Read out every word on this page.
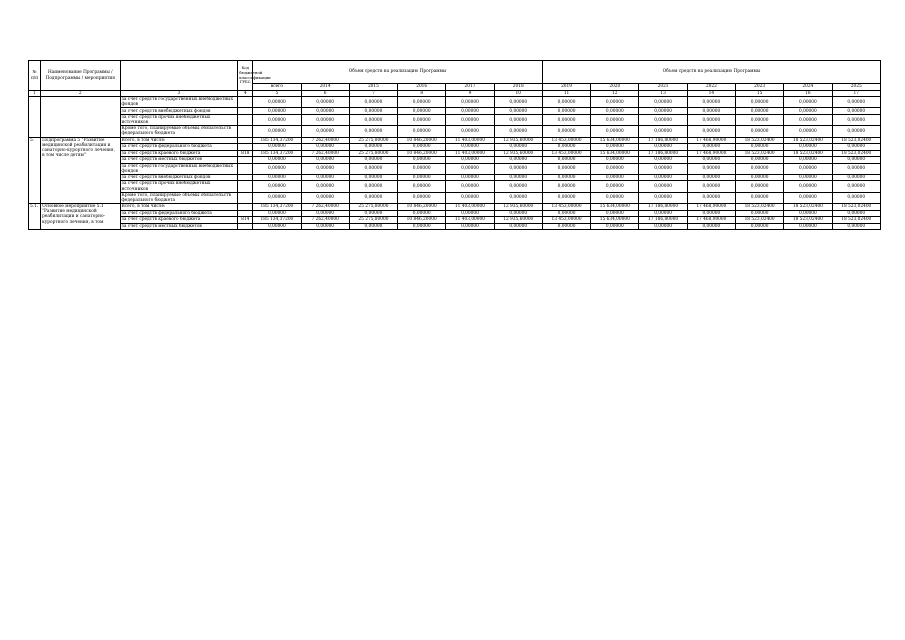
№ п/п	Наименование Программы / Подпрограммы / мероприятия		Код бюджетной классификации ГРБС	Объем средств на реализацию Программы						Объем средств на реализацию Программы						
				всего	2014	2015	2016	2017	2018	2019	2020	2021	2022	2023	2024	2025
1	2	3	4	5	6	7	8	9	10	11	12	13	14	15	16	17
		за счет средств государственных внебюджетных фондов		0,00000	0,00000	0,00000	0,00000	0,00000	0,00000	0,00000	0,00000	0,00000	0,00000	0,00000	0,00000	0,00000
		за счет средств внебюджетных фондов		0,00000	0,00000	0,00000	0,00000	0,00000	0,00000	0,00000	0,00000	0,00000	0,00000	0,00000	0,00000	0,00000
		за счет средств прочих внебюджетных источников		0,00000	0,00000	0,00000	0,00000	0,00000	0,00000	0,00000	0,00000	0,00000	0,00000	0,00000	0,00000	0,00000
		Кроме того, планируемые объемы обязательств федерального бюджета		0,00000	0,00000	0,00000	0,00000	0,00000	0,00000	0,00000	0,00000	0,00000	0,00000	0,00000	0,00000	0,00000
5.	Подпрограмма 5 "Развитие медицинской реабилитации и санаторно-курортного лечения, в том числе детям"	Всего, в том числе:		185 134,37200	7 262,40000	25 275,80000	10 846,20000	11 403,00000	12 935,60000	13 453,00000	15 634,00000	17 186,80000	17 468,90000	18 523,02400	18 523,02400	18 523,02400
		за счет средств федерального бюджета		0,00000	0,00000	0,00000	0,00000	0,00000	0,00000	0,00000	0,00000	0,00000	0,00000	0,00000	0,00000	0,00000
		за счет средств краевого бюджета	818	185 134,37200	7 262,40000	25 275,80000	10 846,20000	11 403,00000	12 935,60000	13 453,00000	15 634,00000	17 186,80000	17 468,90000	18 523,02400	18 523,02400	18 523,02400
		за счет средств местных бюджетов		0,00000	0,00000	0,00000	0,00000	0,00000	0,00000	0,00000	0,00000	0,00000	0,00000	0,00000	0,00000	0,00000
		за счет средств государственных внебюджетных фондов		0,00000	0,00000	0,00000	0,00000	0,00000	0,00000	0,00000	0,00000	0,00000	0,00000	0,00000	0,00000	0,00000
		за счет средств внебюджетных фондов		0,00000	0,00000	0,00000	0,00000	0,00000	0,00000	0,00000	0,00000	0,00000	0,00000	0,00000	0,00000	0,00000
		за счет средств прочих внебюджетных источников		0,00000	0,00000	0,00000	0,00000	0,00000	0,00000	0,00000	0,00000	0,00000	0,00000	0,00000	0,00000	0,00000
		Кроме того, планируемые объемы обязательств федерального бюджета		0,00000	0,00000	0,00000	0,00000	0,00000	0,00000	0,00000	0,00000	0,00000	0,00000	0,00000	0,00000	0,00000
5.1.	Основное мероприятие 5.1 "Развитие медицинской реабилитации и санаторно-курортного лечения, в том	Всего, в том числе:		185 134,37200	7 262,40000	25 275,80000	10 846,20000	11 403,00000	12 935,60000	13 453,00000	15 634,00000	17 186,80000	17 468,90000	18 523,02400	18 523,02400	18 523,02400
		за счет средств федерального бюджета		0,00000	0,00000	0,00000	0,00000	0,00000	0,00000	0,00000	0,00000	0,00000	0,00000	0,00000	0,00000	0,00000
		за счет средств краевого бюджета	814	185 134,37200	7 262,40000	25 275,80000	10 846,20000	11 403,00000	12 935,60000	13 453,00000	15 634,00000	17 186,80000	17 468,90000	18 523,02400	18 523,02400	18 523,02400
		за счет средств местных бюджетов		0,00000	0,00000	0,00000	0,00000	0,00000	0,00000	0,00000	0,00000	0,00000	0,00000	0,00000	0,00000	0,00000
